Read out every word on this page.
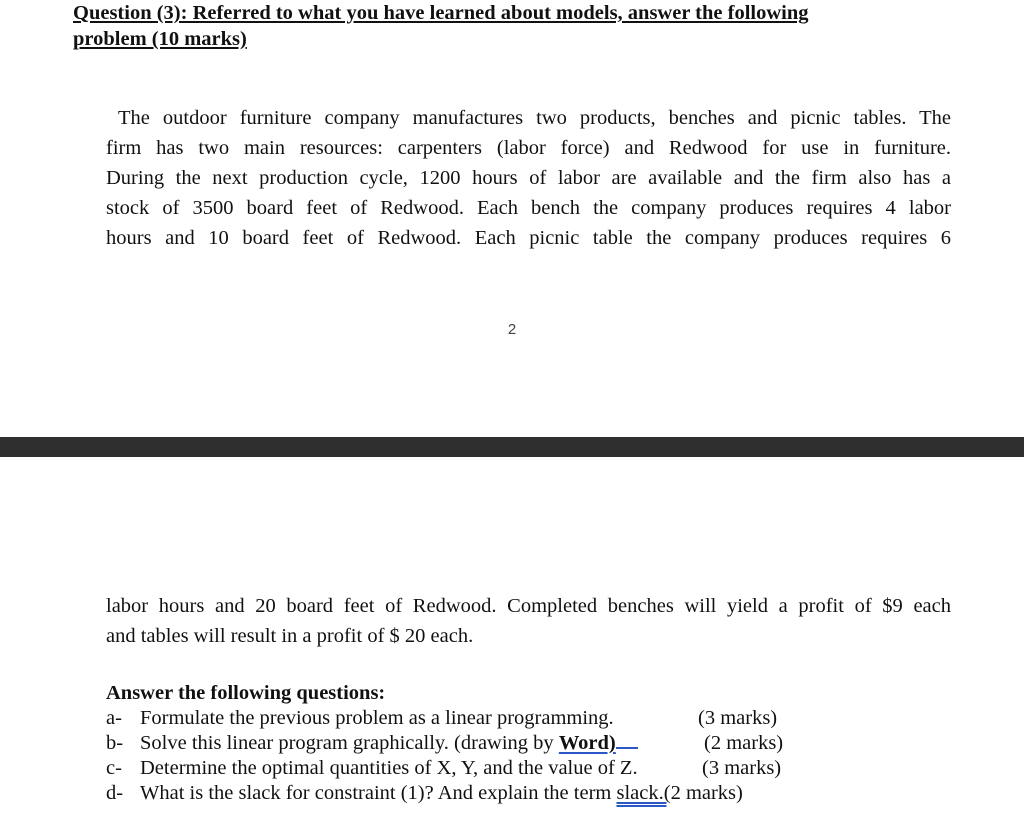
Question (3): Referred to what you have learned about models, answer the following
problem (10 marks)
The outdoor furniture company manufactures two products, benches and picnic tables. The
firm has two main resources: carpenters (labor force) and Redwood for use in furniture.
During the next production cycle, 1200 hours of labor are available and the firm also has a
stock of 3500 board feet of Redwood. Each bench the company produces requires 4 labor
hours and 10 board feet of Redwood. Each picnic table the company produces requires 6
2
labor hours and 20 board feet of Redwood. Completed benches will yield a profit of $9 each
and tables will result in a profit of $ 20 each.
Answer the following questions:
a- Formulate the previous problem as a linear programming.	(3 marks)
b- Solve this linear program graphically. (drawing by Word)	(2 marks)
c- Determine the optimal quantities of X, Y, and the value of Z.	(3 marks)
d- What is the slack for constraint (1)? And explain the term slack.(2 marks)
